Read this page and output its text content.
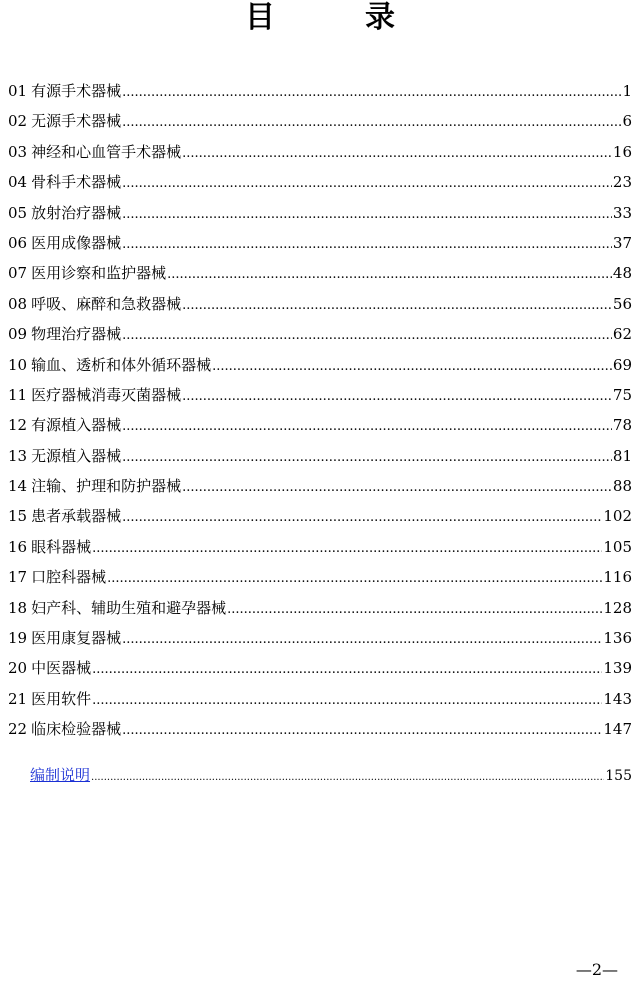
目　录
01 有源手术器械 .....	1
02 无源手术器械 .....	6
03 神经和心血管手术器械 .....	16
04 骨科手术器械 .....	23
05 放射治疗器械 .....	33
06 医用成像器械 .....	37
07 医用诊察和监护器械 .....	48
08 呼吸、麻醉和急救器械 .....	56
09 物理治疗器械 .....	62
10 输血、透析和体外循环器械 .....	69
11 医疗器械消毒灭菌器械 .....	75
12 有源植入器械 .....	78
13 无源植入器械 .....	81
14 注输、护理和防护器械 .....	88
15 患者承载器械 .....	102
16 眼科器械 .....	105
17 口腔科器械 .....	116
18 妇产科、辅助生殖和避孕器械 .....	128
19 医用康复器械 .....	136
20 中医器械 .....	139
21 医用软件 .....	143
22 临床检验器械 .....	147
编制说明 .....	155
—2—
